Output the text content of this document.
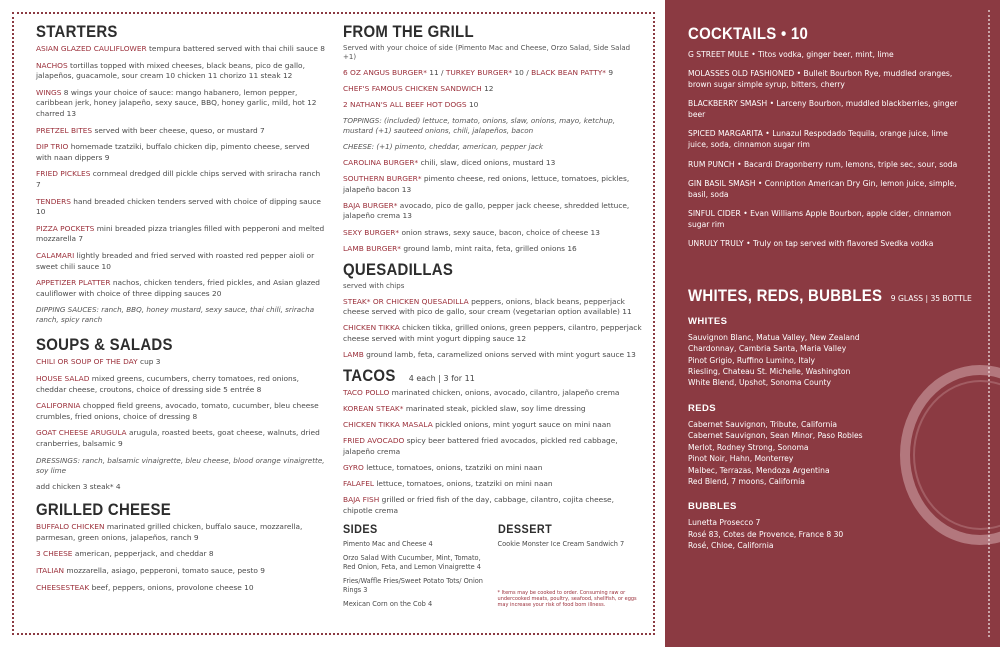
STARTERS
ASIAN GLAZED CAULIFLOWER tempura battered served with thai chili sauce 8
NACHOS tortillas topped with mixed cheeses, black beans, pico de gallo, jalapeños, guacamole, sour cream 10 chicken 11 chorizo 11 steak 12
WINGS 8 wings your choice of sauce: mango habanero, lemon pepper, caribbean jerk, honey jalapeño, sexy sauce, BBQ, honey garlic, mild, hot 12 charred 13
PRETZEL BITES served with beer cheese, queso, or mustard 7
DIP TRIO homemade tzatziki, buffalo chicken dip, pimento cheese, served with naan dippers 9
FRIED PICKLES cornmeal dredged dill pickle chips served with sriracha ranch 7
TENDERS hand breaded chicken tenders served with choice of dipping sauce 10
PIZZA POCKETS mini breaded pizza triangles filled with pepperoni and melted mozzarella 7
CALAMARI lightly breaded and fried served with roasted red pepper aioli or sweet chili sauce 10
APPETIZER PLATTER nachos, chicken tenders, fried pickles, and Asian glazed cauliflower with choice of three dipping sauces 20
DIPPING SAUCES: ranch, BBQ, honey mustard, sexy sauce, thai chili, sriracha ranch, spicy ranch
SOUPS & SALADS
CHILI OR SOUP OF THE DAY cup 3
HOUSE SALAD mixed greens, cucumbers, cherry tomatoes, red onions, cheddar cheese, croutons, choice of dressing side 5 entrée 8
CALIFORNIA chopped field greens, avocado, tomato, cucumber, bleu cheese crumbles, fried onions, choice of dressing 8
GOAT CHEESE ARUGULA arugula, roasted beets, goat cheese, walnuts, dried cranberries, balsamic 9
DRESSINGS: ranch, balsamic vinaigrette, bleu cheese, blood orange vinaigrette, soy lime
add chicken 3 steak* 4
GRILLED CHEESE
BUFFALO CHICKEN marinated grilled chicken, buffalo sauce, mozzarella, parmesan, green onions, jalapeños, ranch 9
3 CHEESE american, pepperjack, and cheddar 8
ITALIAN mozzarella, asiago, pepperoni, tomato sauce, pesto 9
CHEESESTEAK beef, peppers, onions, provolone cheese 10
FROM THE GRILL
Served with your choice of side (Pimento Mac and Cheese, Orzo Salad, Side Salad +1)
6 OZ ANGUS BURGER* 11 / TURKEY BURGER* 10 / BLACK BEAN PATTY* 9
CHEF'S FAMOUS CHICKEN SANDWICH 12
2 NATHAN'S ALL BEEF HOT DOGS 10
TOPPINGS: (included) lettuce, tomato, onions, slaw, onions, mayo, ketchup, mustard (+1) sauteed onions, chili, jalapeños, bacon
CHEESE: (+1) pimento, cheddar, american, pepper jack
CAROLINA BURGER* chili, slaw, diced onions, mustard 13
SOUTHERN BURGER* pimento cheese, red onions, lettuce, tomatoes, pickles, jalapeño bacon 13
BAJA BURGER* avocado, pico de gallo, pepper jack cheese, shredded lettuce, jalapeño crema 13
SEXY BURGER* onion straws, sexy sauce, bacon, choice of cheese 13
LAMB BURGER* ground lamb, mint raita, feta, grilled onions 16
QUESADILLAS
served with chips
STEAK* OR CHICKEN QUESADILLA peppers, onions, black beans, pepperjack cheese served with pico de gallo, sour cream (vegetarian option available) 11
CHICKEN TIKKA chicken tikka, grilled onions, green peppers, cilantro, pepperjack cheese served with mint yogurt dipping sauce 12
LAMB ground lamb, feta, caramelized onions served with mint yogurt sauce 13
TACOS 4 each | 3 for 11
TACO POLLO marinated chicken, onions, avocado, cilantro, jalapeño crema
KOREAN STEAK* marinated steak, pickled slaw, soy lime dressing
CHICKEN TIKKA MASALA pickled onions, mint yogurt sauce on mini naan
FRIED AVOCADO spicy beer battered fried avocados, pickled red cabbage, jalapeño crema
GYRO lettuce, tomatoes, onions, tzatziki on mini naan
FALAFEL lettuce, tomatoes, onions, tzatziki on mini naan
BAJA FISH grilled or fried fish of the day, cabbage, cilantro, cojita cheese, chipotle crema
SIDES
Pimento Mac and Cheese 4
Orzo Salad With Cucumber, Mint, Tomato, Red Onion, Feta, and Lemon Vinaigrette 4
Fries/Waffle Fries/Sweet Potato Tots/ Onion Rings 3
Mexican Corn on the Cob 4
DESSERT
Cookie Monster Ice Cream Sandwich 7
* Items may be cooked to order. Consuming raw or undercooked meats, poultry, seafood, shellfish, or eggs may increase your risk of food born illness.
COCKTAILS • 10
G STREET MULE • Titos vodka, ginger beer, mint, lime
MOLASSES OLD FASHIONED • Bulleit Bourbon Rye, muddled oranges, brown sugar simple syrup, bitters, cherry
BLACKBERRY SMASH • Larceny Bourbon, muddled blackberries, ginger beer
SPICED MARGARITA • Lunazul Respodado Tequila, orange juice, lime juice, soda, cinnamon sugar rim
RUM PUNCH • Bacardi Dragonberry rum, lemons, triple sec, sour, soda
GIN BASIL SMASH • Conniption American Dry Gin, lemon juice, simple, basil, soda
SINFUL CIDER • Evan Williams Apple Bourbon, apple cider, cinnamon sugar rim
UNRULY TRULY • Truly on tap served with flavored Svedka vodka
WHITES, REDS, BUBBLES 9 GLASS | 35 BOTTLE
WHITES
Sauvignon Blanc, Matua Valley, New Zealand
Chardonnay, Cambria Santa, Maria Valley
Pinot Grigio, Ruffino Lumino, Italy
Riesling, Chateau St. Michelle, Washington
White Blend, Upshot, Sonoma County
REDS
Cabernet Sauvignon, Tribute, California
Cabernet Sauvignon, Sean Minor, Paso Robles
Merlot, Rodney Strong, Sonoma
Pinot Noir, Hahn, Monterrey
Malbec, Terrazas, Mendoza Argentina
Red Blend, 7 moons, California
BUBBLES
Lunetta Prosecco 7
Rosé 83, Cotes de Provence, France 8 30
Rosé, Chloe, California
